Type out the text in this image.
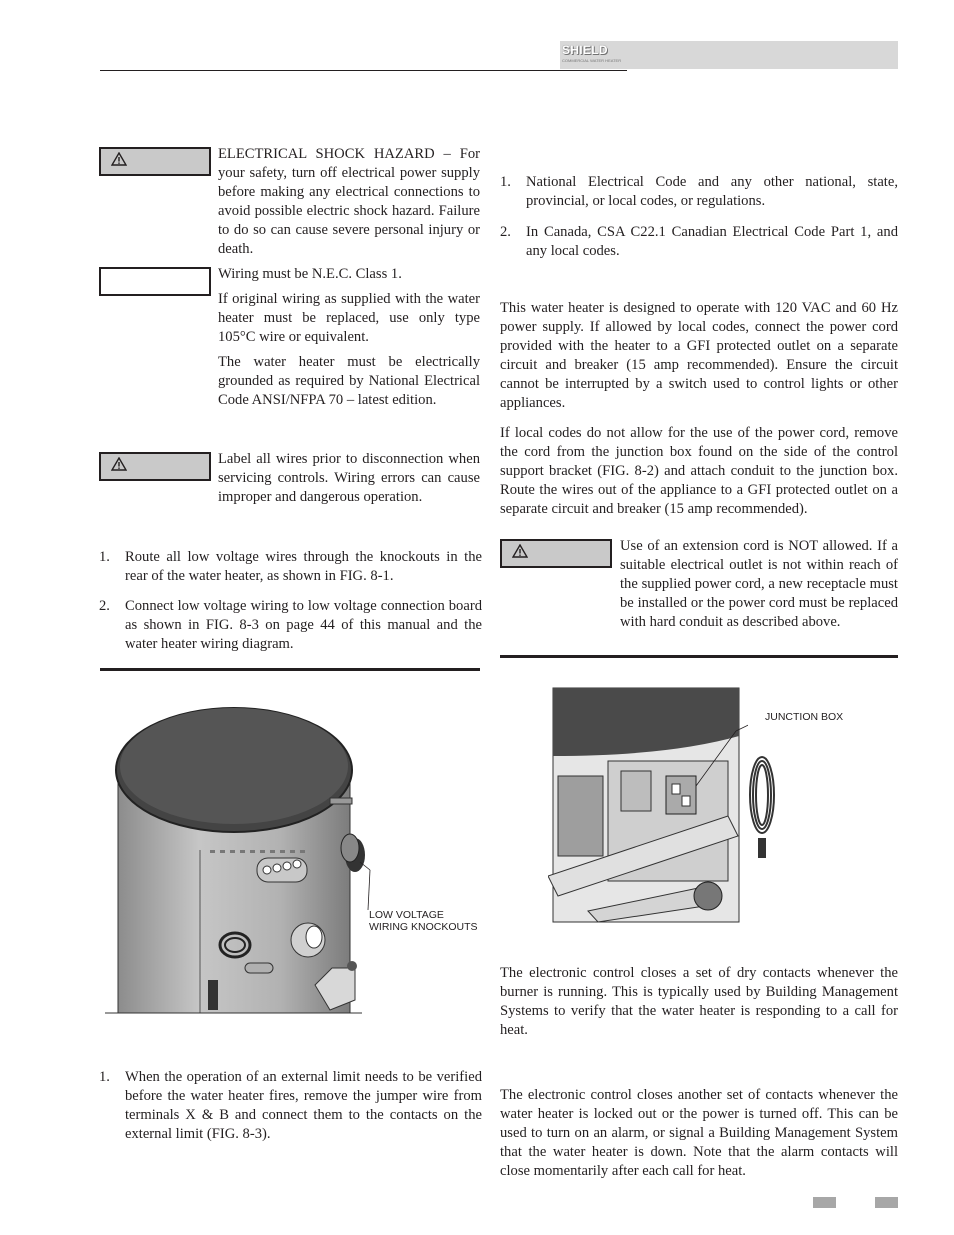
SHIELD
COMMERCIAL WATER HEATER
ELECTRICAL SHOCK HAZARD – For your safety, turn off electrical power supply before making any electrical connections to avoid possible electric shock hazard. Failure to do so can cause severe personal injury or death.
Wiring must be N.E.C. Class 1.
If original wiring as supplied with the water heater must be replaced, use only type 105°C wire or equivalent.
The water heater must be electrically grounded as required by National Electrical Code ANSI/NFPA 70 – latest edition.
Label all wires prior to disconnection when servicing controls. Wiring errors can cause improper and dangerous operation.
1. Route all low voltage wires through the knockouts in the rear of the water heater, as shown in FIG. 8-1.
2. Connect low voltage wiring to low voltage connection board as shown in FIG. 8-3 on page 44 of this manual and the water heater wiring diagram.
LOW VOLTAGE
WIRING KNOCKOUTS
1. When the operation of an external limit needs to be verified before the water heater fires, remove the jumper wire from terminals X & B and connect them to the contacts on the external limit (FIG. 8-3).
1. National Electrical Code and any other national, state, provincial, or local codes, or regulations.
2. In Canada, CSA C22.1 Canadian Electrical Code Part 1, and any local codes.
This water heater is designed to operate with 120 VAC and 60 Hz power supply. If allowed by local codes, connect the power cord provided with the heater to a GFI protected outlet on a separate circuit and breaker (15 amp recommended). Ensure the circuit cannot be interrupted by a switch used to control lights or other appliances.
If local codes do not allow for the use of the power cord, remove the cord from the junction box found on the side of the control support bracket (FIG. 8-2) and attach conduit to the junction box. Route the wires out of the appliance to a GFI protected outlet on a separate circuit and breaker (15 amp recommended).
Use of an extension cord is NOT allowed. If a suitable electrical outlet is not within reach of the supplied power cord, a new receptacle must be installed or the power cord must be replaced with hard conduit as described above.
JUNCTION BOX
The electronic control closes a set of dry contacts whenever the burner is running. This is typically used by Building Management Systems to verify that the water heater is responding to a call for heat.
The electronic control closes another set of contacts whenever the water heater is locked out or the power is turned off. This can be used to turn on an alarm, or signal a Building Management System that the water heater is down. Note that the alarm contacts will close momentarily after each call for heat.
